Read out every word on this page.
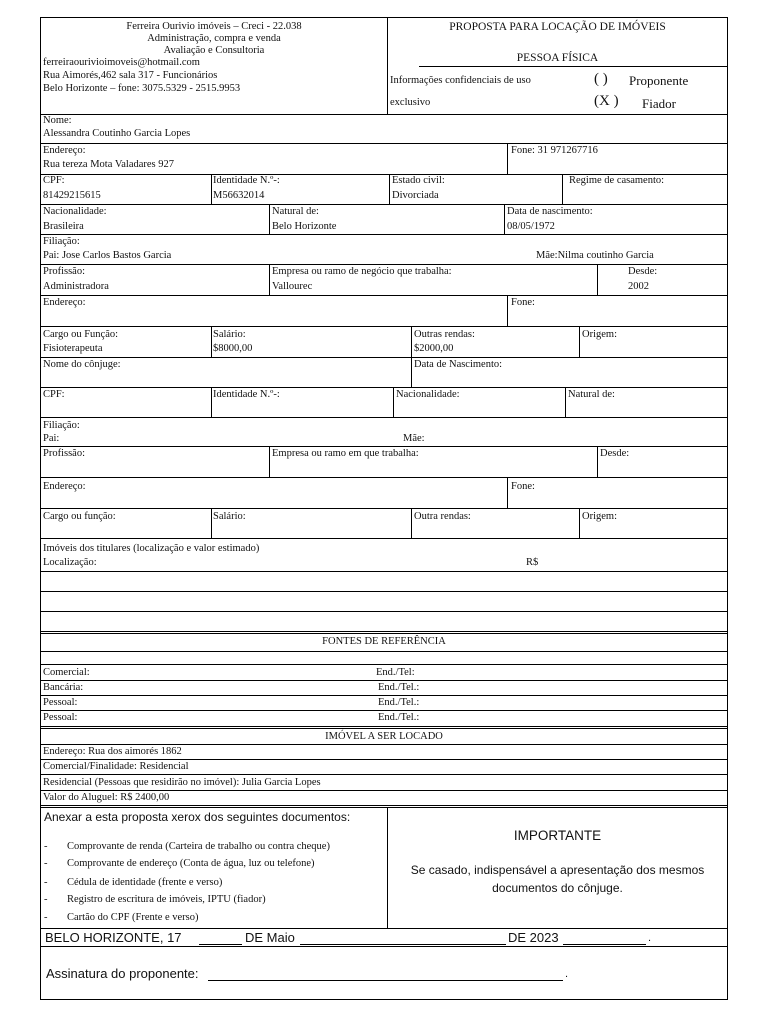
Ferreira Ourivio imóveis – Creci - 22.038
Administração, compra e venda
Avaliação e Consultoria
ferreiraourivioimoveis@hotmail.com
Rua Aimorés,462 sala 317 - Funcionários
Belo Horizonte – fone: 3075.5329 - 2515.9953
PROPOSTA PARA LOCAÇÃO DE IMÓVEIS
PESSOA FÍSICA
Informações confidenciais de uso
exclusivo
( ) Proponente
(X ) Fiador
Nome:
Alessandra Coutinho Garcia Lopes
Endereço:
Rua tereza Mota Valadares 927
Fone: 31 971267716
CPF:
81429215615
Identidade N.º-:
M56632014
Estado civil:
Divorciada
Regime de casamento:
Nacionalidade:
Brasileira
Natural de:
Belo Horizonte
Data de nascimento:
08/05/1972
Filiação:
Pai: Jose Carlos Bastos Garcia	Mãe:Nilma coutinho Garcia
Profissão:
Administradora
Empresa ou ramo de negócio que trabalha:
Vallourec
Desde:
2002
Endereço:	Fone:
Cargo ou Função:
Fisioterapeuta
Salário:
$8000,00
Outras rendas:
$2000,00
Origem:
Nome do cônjuge:	Data de Nascimento:
CPF:	Identidade N.º-:	Nacionalidade:	Natural de:
Filiação:
Pai:	Mãe:
Profissão:	Empresa ou ramo em que trabalha:	Desde:
Endereço:	Fone:
Cargo ou função:	Salário:	Outra rendas:	Origem:
Imóveis dos titulares (localização e valor estimado)
Localização:	R$
FONTES DE REFERÊNCIA
Comercial:	End./Tel:
Bancária:	End./Tel.:
Pessoal:	End./Tel.:
Pessoal:	End./Tel.:
IMÓVEL A SER LOCADO
Endereço: Rua dos aimorés 1862
Comercial/Finalidade: Residencial
Residencial (Pessoas que residirão no imóvel): Julia Garcia Lopes
Valor do Aluguel: R$ 2400,00
Anexar a esta proposta xerox dos seguintes documentos:
- Comprovante de renda (Carteira de trabalho ou contra cheque)
- Comprovante de endereço (Conta de água, luz ou telefone)
- Cédula de identidade (frente e verso)
- Registro de escritura de imóveis, IPTU (fiador)
- Cartão do CPF (Frente e verso)
IMPORTANTE
Se casado, indispensável a apresentação dos mesmos
documentos do cônjuge.
BELO HORIZONTE, 17	DE Maio	DE 2023	.
Assinatura do proponente:	.
